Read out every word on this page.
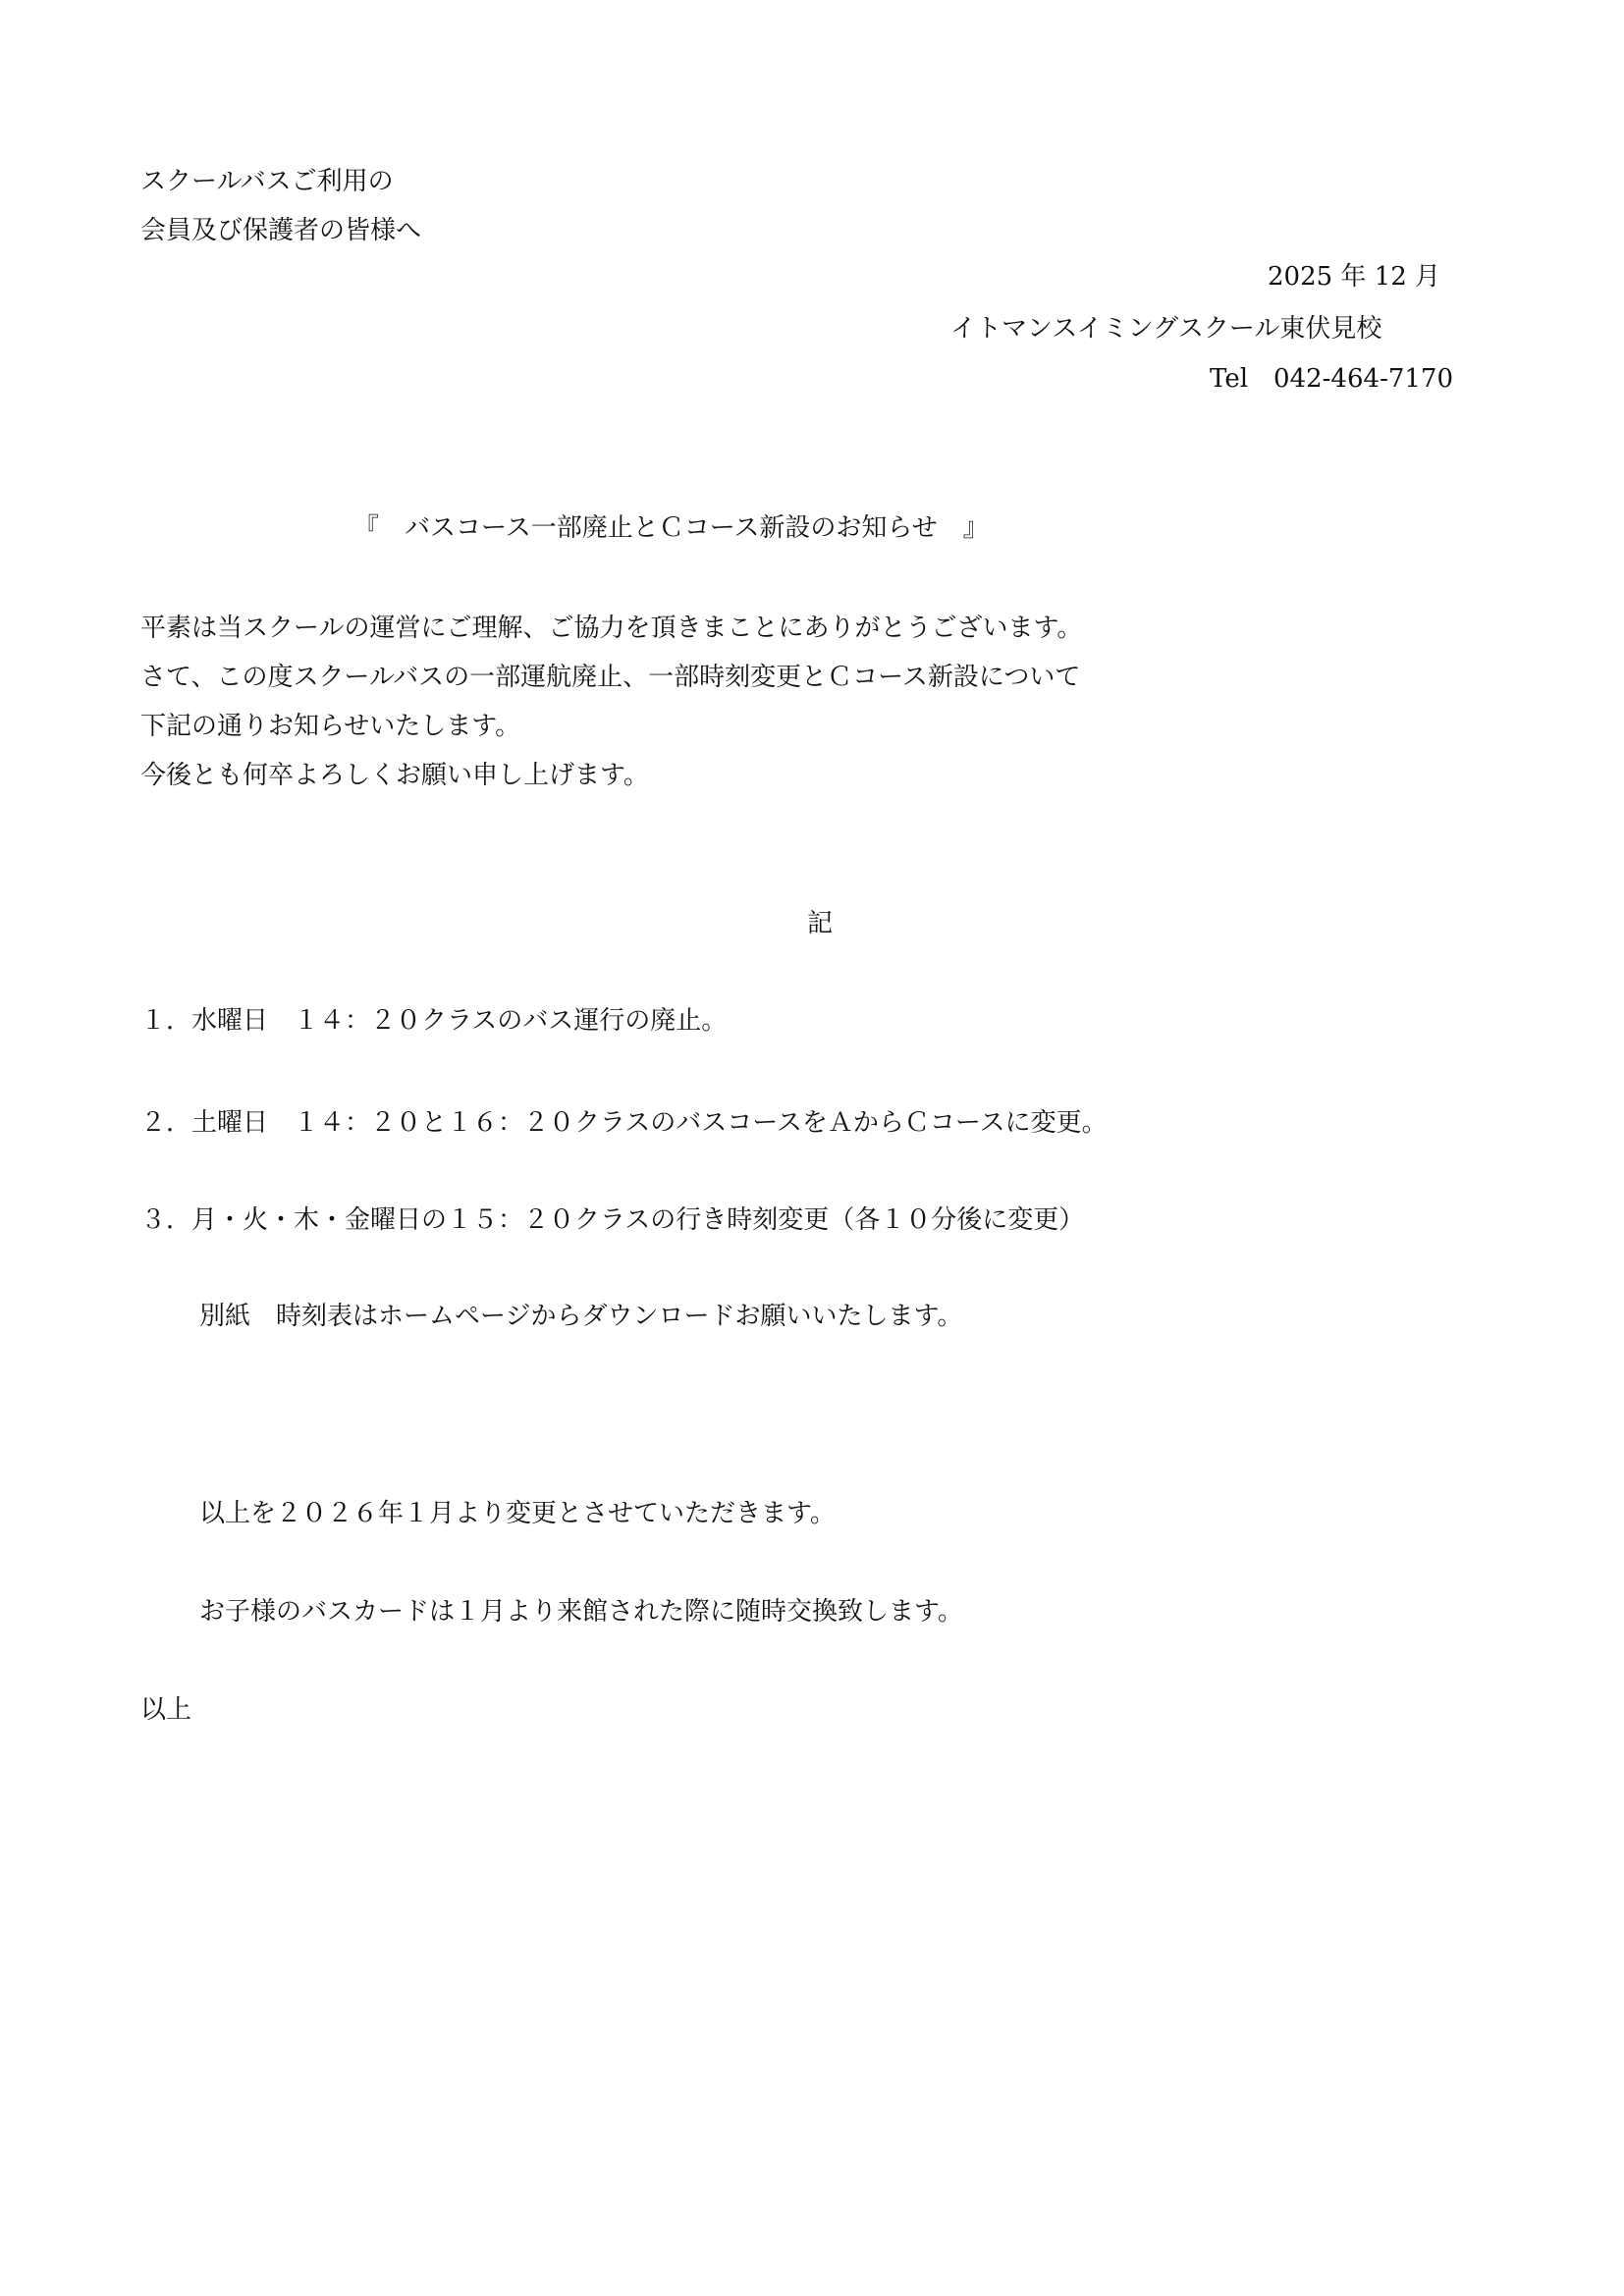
スクールバスご利用の

会員及び保護者の皆様へ

2025 年 12 月

イトマンスイミングスクール東伏見校

Tel　042-464-7170

『　バスコース一部廃止とＣコース新設のお知らせ　』

平素は当スクールの運営にご理解、ご協力を頂きまことにありがとうございます。

さて、この度スクールバスの一部運航廃止、一部時刻変更とＣコース新設について

下記の通りお知らせいたします。

今後とも何卒よろしくお願い申し上げます。

記

１．水曜日　１４：２０クラスのバス運行の廃止。

２．土曜日　１４：２０と１６：２０クラスのバスコースをＡからＣコースに変更。

３．月・火・木・金曜日の１５：２０クラスの行き時刻変更（各１０分後に変更）

別紙　時刻表はホームページからダウンロードお願いいたします。

以上を２０２６年１月より変更とさせていただきます。

お子様のバスカードは１月より来館された際に随時交換致します。

以上
